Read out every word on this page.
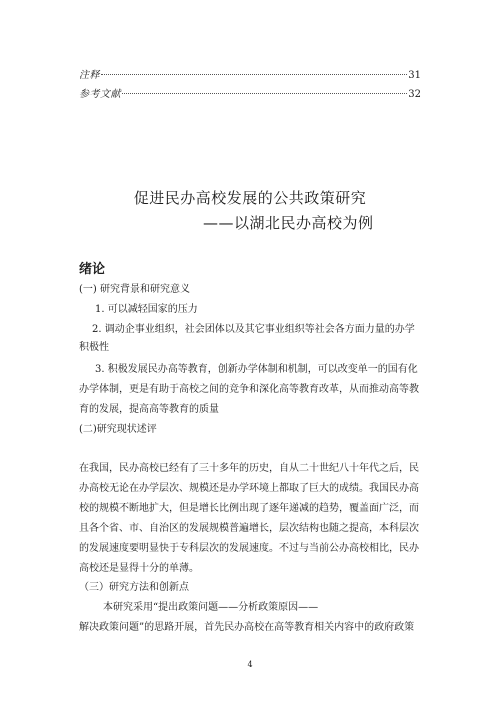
注释	31
参考文献	32
促进民办高校发展的公共政策研究
——以湖北民办高校为例
绪论
(一) 研究背景和研究意义
1. 可以减轻国家的压力
2. 调动企事业组织，社会团体以及其它事业组织等社会各方面力量的办学
积极性
3. 积极发展民办高等教育，创新办学体制和机制，可以改变单一的国有化
办学体制，更是有助于高校之间的竞争和深化高等教育改革，从而推动高等教
育的发展，提高高等教育的质量
(二)研究现状述评
在我国，民办高校已经有了三十多年的历史，自从二十世纪八十年代之后，民
办高校无论在办学层次、规模还是办学环境上都取了巨大的成绩。我国民办高
校的规模不断地扩大，但是增长比例出现了逐年递减的趋势，覆盖面广泛，而
且各个省、市、自治区的发展规模普遍增长，层次结构也随之提高，本科层次
的发展速度要明显快于专科层次的发展速度。不过与当前公办高校相比，民办
高校还是显得十分的单薄。
（三）研究方法和创新点
本研究采用“提出政策问题——分析政策原因——
解决政策问题”的思路开展，首先民办高校在高等教育相关内容中的政府政策
4
